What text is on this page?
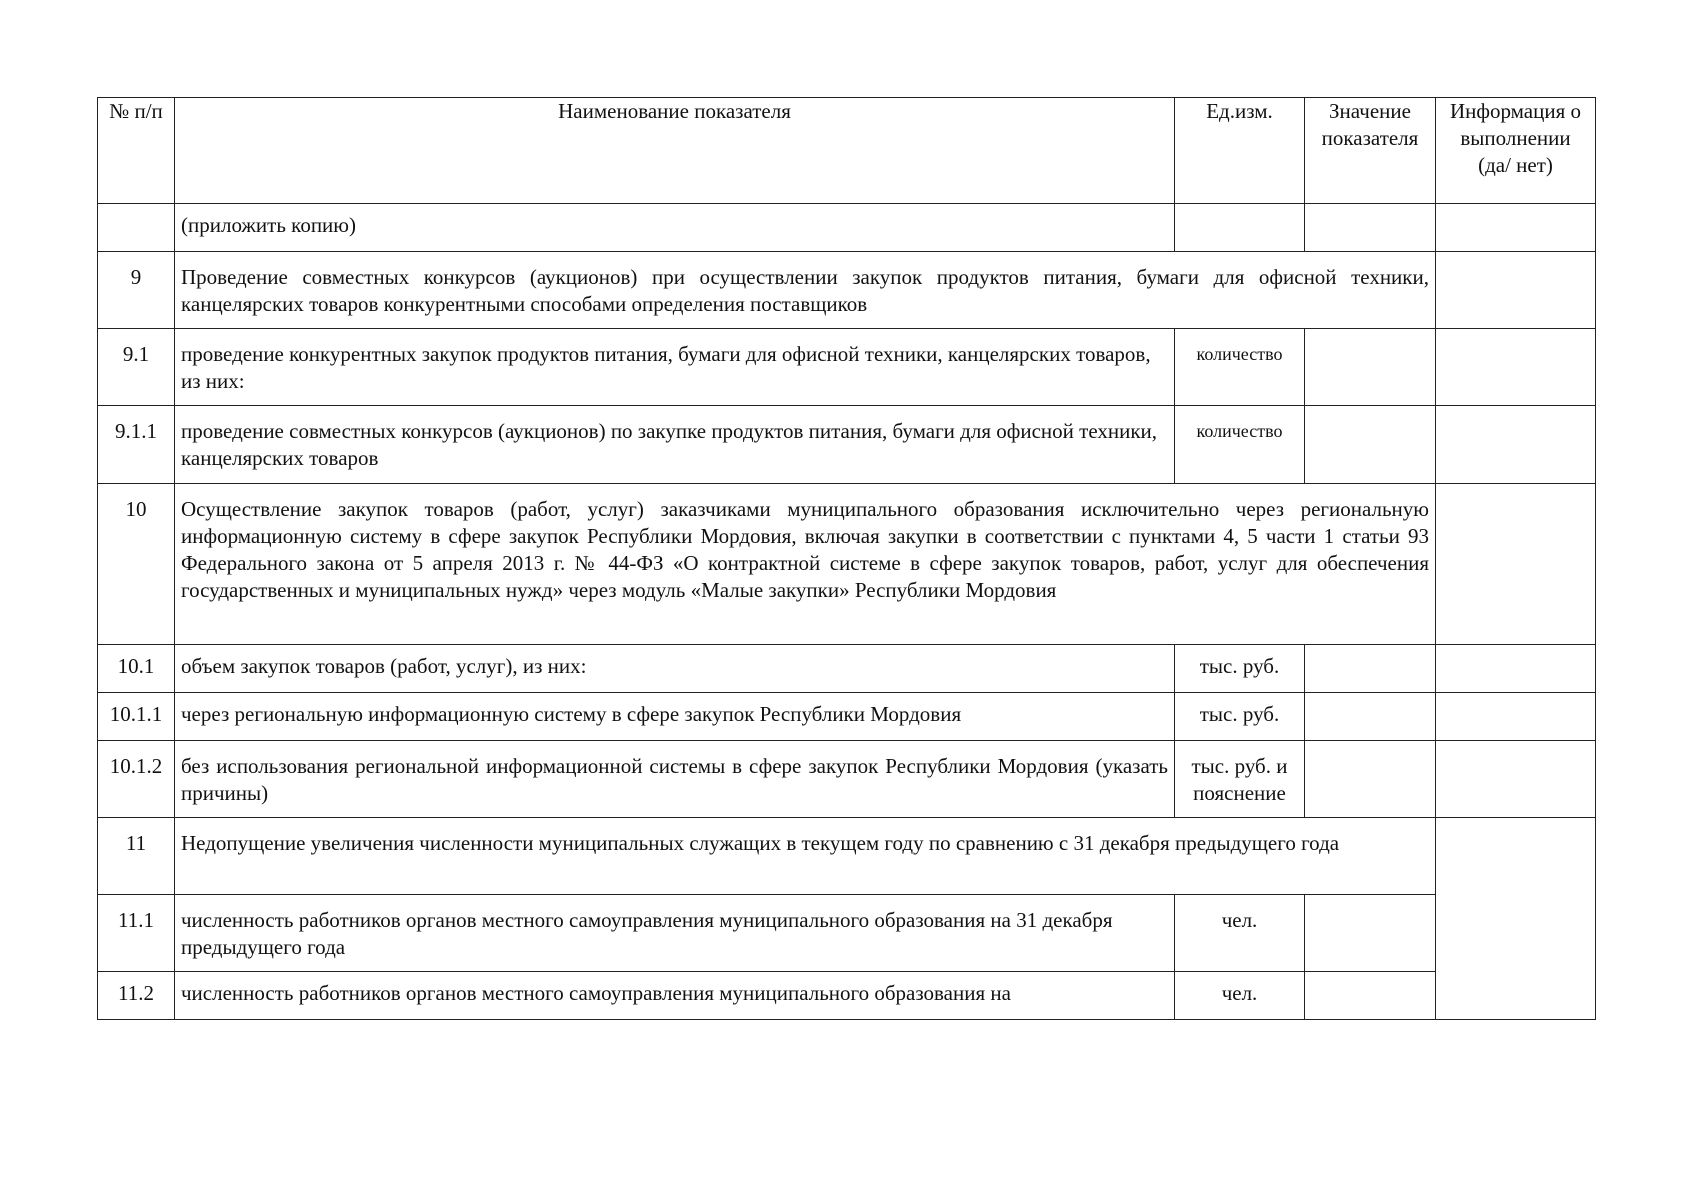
№ п/п	Наименование показателя	Ед.изм.	Значение показателя	Информация о выполнении (да/ нет)
	(приложить копию)			
9	Проведение совместных конкурсов (аукционов) при осуществлении закупок продуктов питания, бумаги для офисной техники, канцелярских товаров конкурентными способами определения поставщиков			
9.1	проведение конкурентных закупок продуктов питания, бумаги для офисной техники, канцелярских товаров, из них:	количество		
9.1.1	проведение совместных конкурсов (аукционов) по закупке продуктов питания, бумаги для офисной техники, канцелярских товаров	количество		
10	Осуществление закупок товаров (работ, услуг) заказчиками муниципального образования исключительно через региональную информационную систему в сфере закупок Республики Мордовия, включая закупки в соответствии с пунктами 4, 5 части 1 статьи 93 Федерального закона от 5 апреля 2013 г. № 44-ФЗ «О контрактной системе в сфере закупок товаров, работ, услуг для обеспечения государственных и муниципальных нужд» через модуль «Малые закупки» Республики Мордовия			
10.1	объем закупок товаров (работ, услуг), из них:	тыс. руб.		
10.1.1	через региональную информационную систему в сфере закупок Республики Мордовия	тыс. руб.		
10.1.2	без использования региональной информационной системы в сфере закупок Республики Мордовия (указать причины)	тыс. руб. и пояснение		
11	Недопущение увеличения численности муниципальных служащих в текущем году по сравнению с 31 декабря предыдущего года			
11.1	численность работников органов местного самоуправления муниципального образования на 31 декабря предыдущего года	чел.		
11.2	численность работников органов местного самоуправления муниципального образования на	чел.		
